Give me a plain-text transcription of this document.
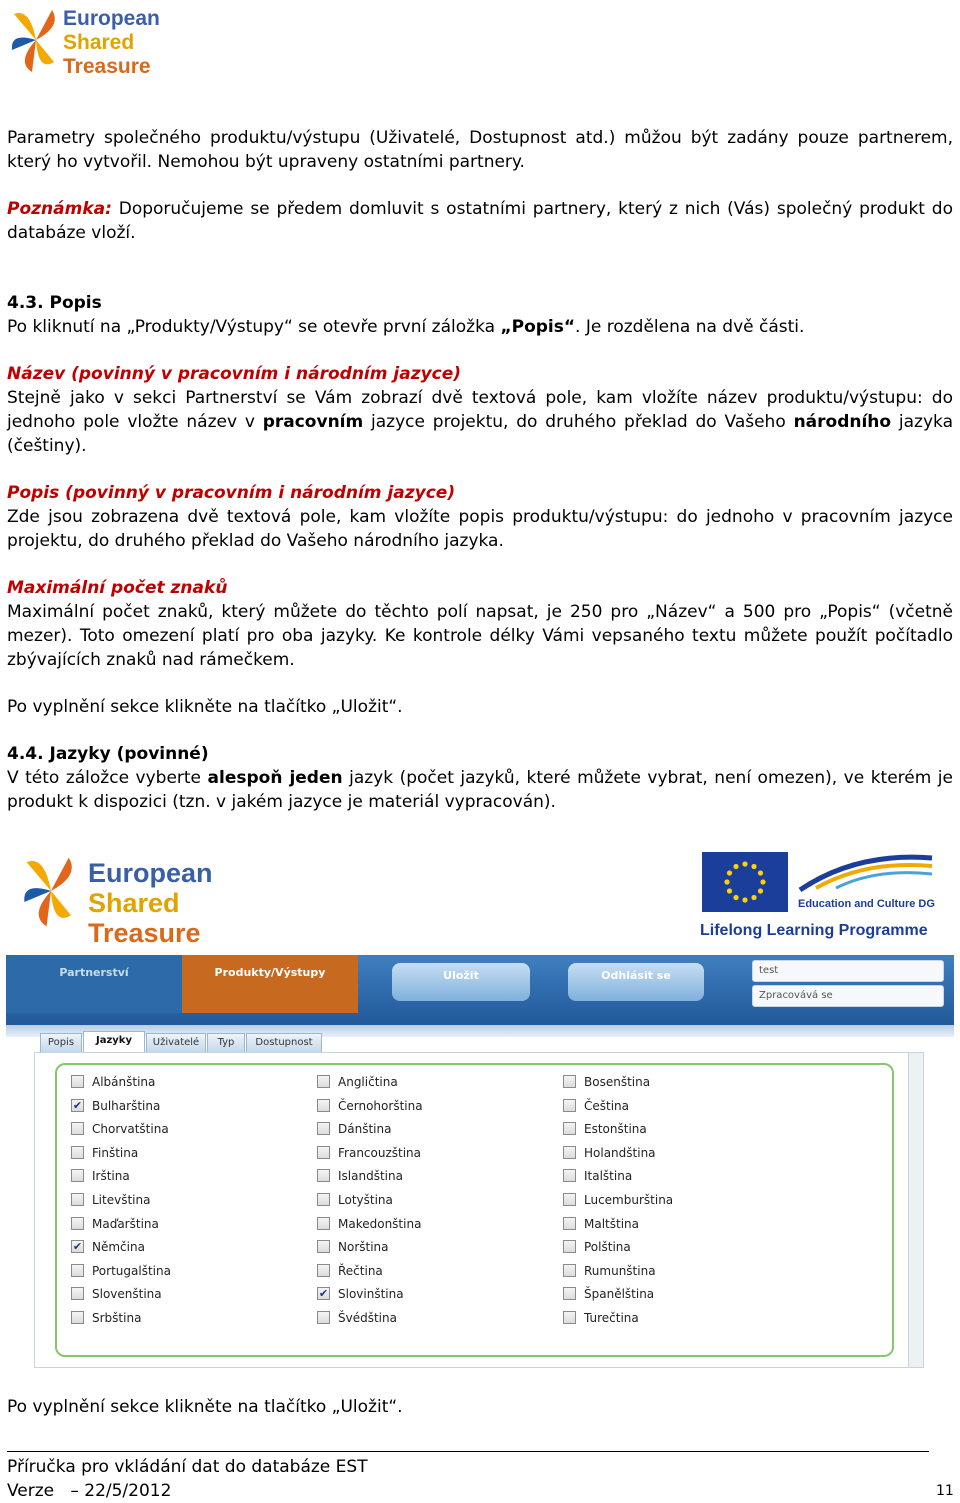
European
Shared
Treasure
Parametry společného produktu/výstupu (Uživatelé, Dostupnost atd.) můžou být zadány pouze partnerem, který ho vytvořil. Nemohou být upraveny ostatními partnery.
Poznámka: Doporučujeme se předem domluvit s ostatními partnery, který z nich (Vás) společný produkt do databáze vloží.
4.3. Popis
Po kliknutí na „Produkty/Výstupy“ se otevře první záložka „Popis“. Je rozdělena na dvě části.
Název (povinný v pracovním i národním jazyce)
Stejně jako v sekci Partnerství se Vám zobrazí dvě textová pole, kam vložíte název produktu/výstupu: do jednoho pole vložte název v pracovním jazyce projektu, do druhého překlad do Vašeho národního jazyka (češtiny).
Popis (povinný v pracovním i národním jazyce)
Zde jsou zobrazena dvě textová pole, kam vložíte popis produktu/výstupu: do jednoho v pracovním jazyce projektu, do druhého překlad do Vašeho národního jazyka.
Maximální počet znaků
Maximální počet znaků, který můžete do těchto polí napsat, je 250 pro „Název“ a 500 pro „Popis“ (včetně mezer). Toto omezení platí pro oba jazyky. Ke kontrole délky Vámi vepsaného textu můžete použít počítadlo zbývajících znaků nad rámečkem.
Po vyplnění sekce klikněte na tlačítko „Uložit“.
4.4. Jazyky (povinné)
V této záložce vyberte alespoň jeden jazyk (počet jazyků, které můžete vybrat, není omezen), ve kterém je produkt k dispozici (tzn. v jakém jazyce je materiál vypracován).
European
Shared
Treasure
Education and Culture DG
Lifelong Learning Programme
Partnerství	Produkty/Výstupy	Uložit	Odhlásit se	test
Zpracovává se
Popis	Jazyky	Uživatelé	Typ	Dostupnost
Albánština
✔ Bulharština
Chorvatština
Finština
Irština
Litevština
Maďarština
✔ Němčina
Portugalština
Slovenština
Srbština
Angličtina
Černohorština
Dánština
Francouzština
Islandština
Lotyština
Makedonština
Norština
Řečtina
✔ Slovinština
Švédština
Bosenština
Čeština
Estonština
Holandština
Italština
Lucemburština
Maltština
Polština
Rumunština
Španělština
Turečtina
Po vyplnění sekce klikněte na tlačítko „Uložit“.
Příručka pro vkládání dat do databáze EST
Verze   – 22/5/2012	11
